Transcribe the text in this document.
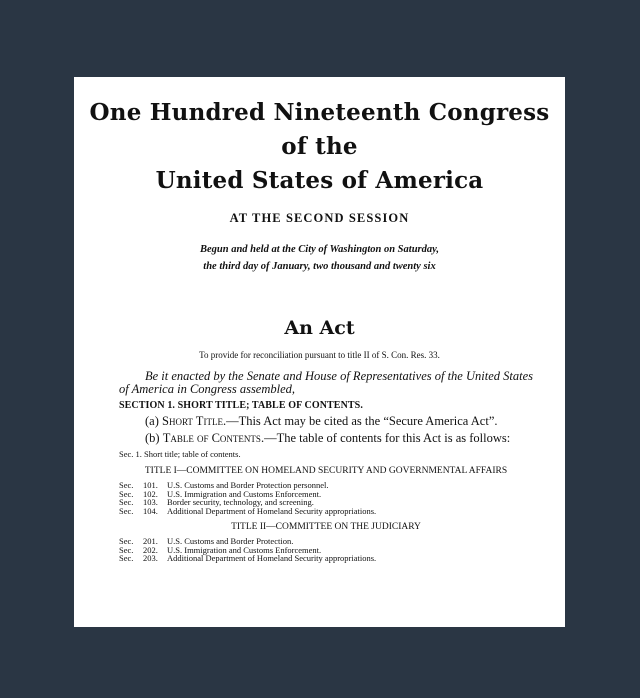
One Hundred Nineteenth Congress
of the
United States of America
AT THE SECOND SESSION
Begun and held at the City of Washington on Saturday,
the third day of January, two thousand and twenty six
An Act
To provide for reconciliation pursuant to title II of S. Con. Res. 33.

Be it enacted by the Senate and House of Representatives of the United States of America in Congress assembled,

SECTION 1. SHORT TITLE; TABLE OF CONTENTS.

(a) Short Title.—This Act may be cited as the “Secure America Act”.

(b) Table of Contents.—The table of contents for this Act is as follows:

Sec. 1. Short title; table of contents.

TITLE I—COMMITTEE ON HOMELAND SECURITY AND GOVERNMENTAL AFFAIRS

Sec. 101. U.S. Customs and Border Protection personnel.
Sec. 102. U.S. Immigration and Customs Enforcement.
Sec. 103. Border security, technology, and screening.
Sec. 104. Additional Department of Homeland Security appropriations.

TITLE II—COMMITTEE ON THE JUDICIARY

Sec. 201. U.S. Customs and Border Protection.
Sec. 202. U.S. Immigration and Customs Enforcement.
Sec. 203. Additional Department of Homeland Security appropriations.
